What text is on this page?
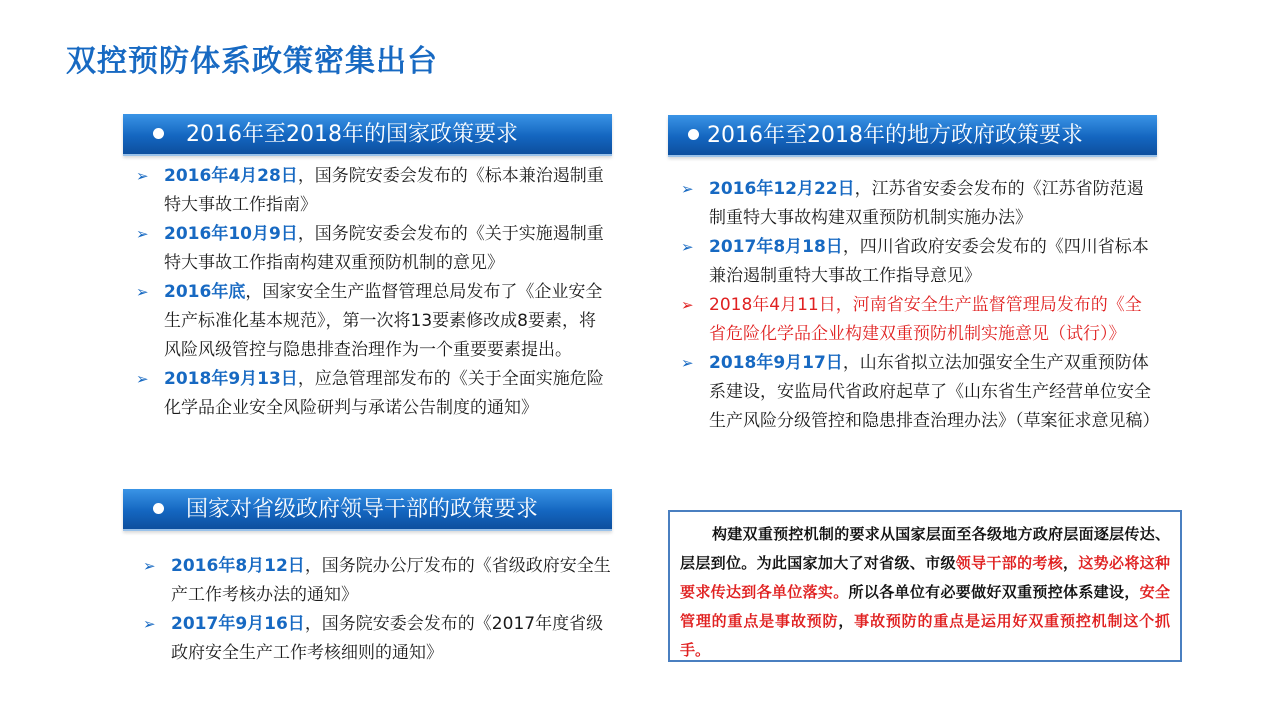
双控预防体系政策密集出台
2016年至2018年的国家政策要求
➢ 2016年4月28日，国务院安委会发布的《标本兼治遏制重特大事故工作指南》
➢ 2016年10月9日，国务院安委会发布的《关于实施遏制重特大事故工作指南构建双重预防机制的意见》
➢ 2016年底，国家安全生产监督管理总局发布了《企业安全生产标准化基本规范》，第一次将13要素修改成8要素，将风险风级管控与隐患排查治理作为一个重要要素提出。
➢ 2018年9月13日，应急管理部发布的《关于全面实施危险化学品企业安全风险研判与承诺公告制度的通知》
国家对省级政府领导干部的政策要求
➢ 2016年8月12日，国务院办公厅发布的《省级政府安全生产工作考核办法的通知》
➢ 2017年9月16日，国务院安委会发布的《2017年度省级政府安全生产工作考核细则的通知》
2016年至2018年的地方政府政策要求
➢ 2016年12月22日，江苏省安委会发布的《江苏省防范遏制重特大事故构建双重预防机制实施办法》
➢ 2017年8月18日，四川省政府安委会发布的《四川省标本兼治遏制重特大事故工作指导意见》
➢ 2018年4月11日，河南省安全生产监督管理局发布的《全省危险化学品企业构建双重预防机制实施意见（试行）》
➢ 2018年9月17日，山东省拟立法加强安全生产双重预防体系建设，安监局代省政府起草了《山东省生产经营单位安全生产风险分级管控和隐患排查治理办法》（草案征求意见稿）
构建双重预控机制的要求从国家层面至各级地方政府层面逐层传达、层层到位。为此国家加大了对省级、市级领导干部的考核，这势必将这种要求传达到各单位落实。所以各单位有必要做好双重预控体系建设，安全管理的重点是事故预防，事故预防的重点是运用好双重预控机制这个抓手。
